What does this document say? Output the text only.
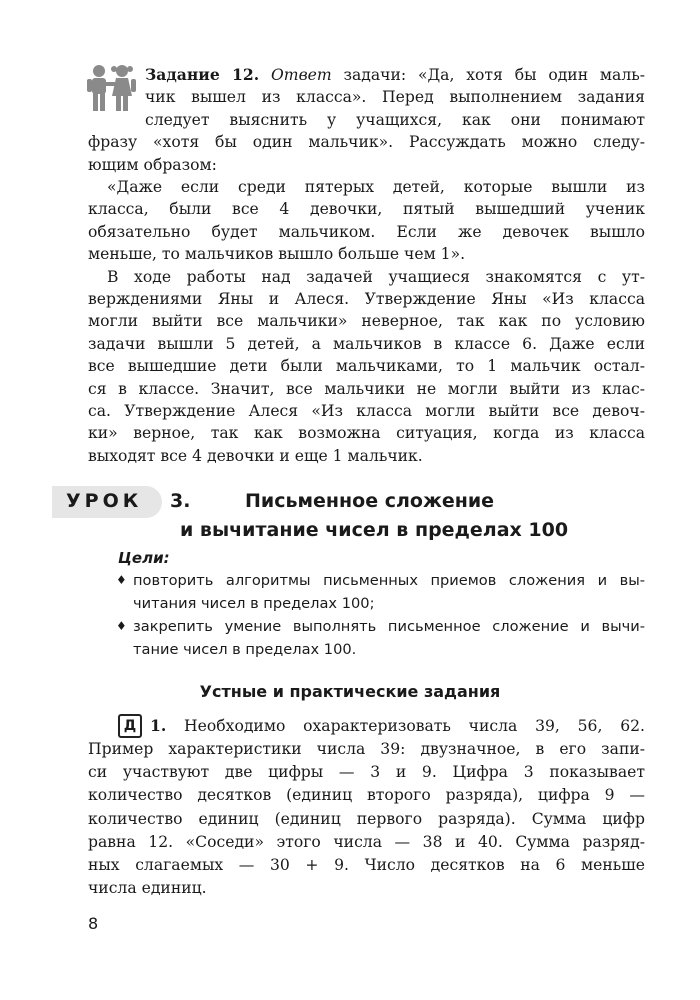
Задание 12. Ответ задачи: «Да, хотя бы один маль-
чик вышел из класса». Перед выполнением задания
следует выяснить у учащихся, как они понимают
фразу «хотя бы один мальчик». Рассуждать можно следу-
ющим образом:
«Даже если среди пятерых детей, которые вышли из
класса, были все 4 девочки, пятый вышедший ученик
обязательно будет мальчиком. Если же девочек вышло
меньше, то мальчиков вышло больше чем 1».
В ходе работы над задачей учащиеся знакомятся с ут-
верждениями Яны и Алеся. Утверждение Яны «Из класса
могли выйти все мальчики» неверное, так как по условию
задачи вышли 5 детей, а мальчиков в классе 6. Даже если
все вышедшие дети были мальчиками, то 1 мальчик остал-
ся в классе. Значит, все мальчики не могли выйти из клас-
са. Утверждение Алеся «Из класса могли выйти все девоч-
ки» верное, так как возможна ситуация, когда из класса
выходят все 4 девочки и еще 1 мальчик.
УРОК 3.	Письменное сложение
и вычитание чисел в пределах 100
Цели:
♦ повторить алгоритмы письменных приемов сложения и вы-
читания чисел в пределах 100;
♦ закрепить умение выполнять письменное сложение и вычи-
тание чисел в пределах 100.
Устные и практические задания
Д 1. Необходимо охарактеризовать числа 39, 56, 62.
Пример характеристики числа 39: двузначное, в его запи-
си участвуют две цифры — 3 и 9. Цифра 3 показывает
количество десятков (единиц второго разряда), цифра 9 —
количество единиц (единиц первого разряда). Сумма цифр
равна 12. «Соседи» этого числа — 38 и 40. Сумма разряд-
ных слагаемых — 30 + 9. Число десятков на 6 меньше
числа единиц.
8
